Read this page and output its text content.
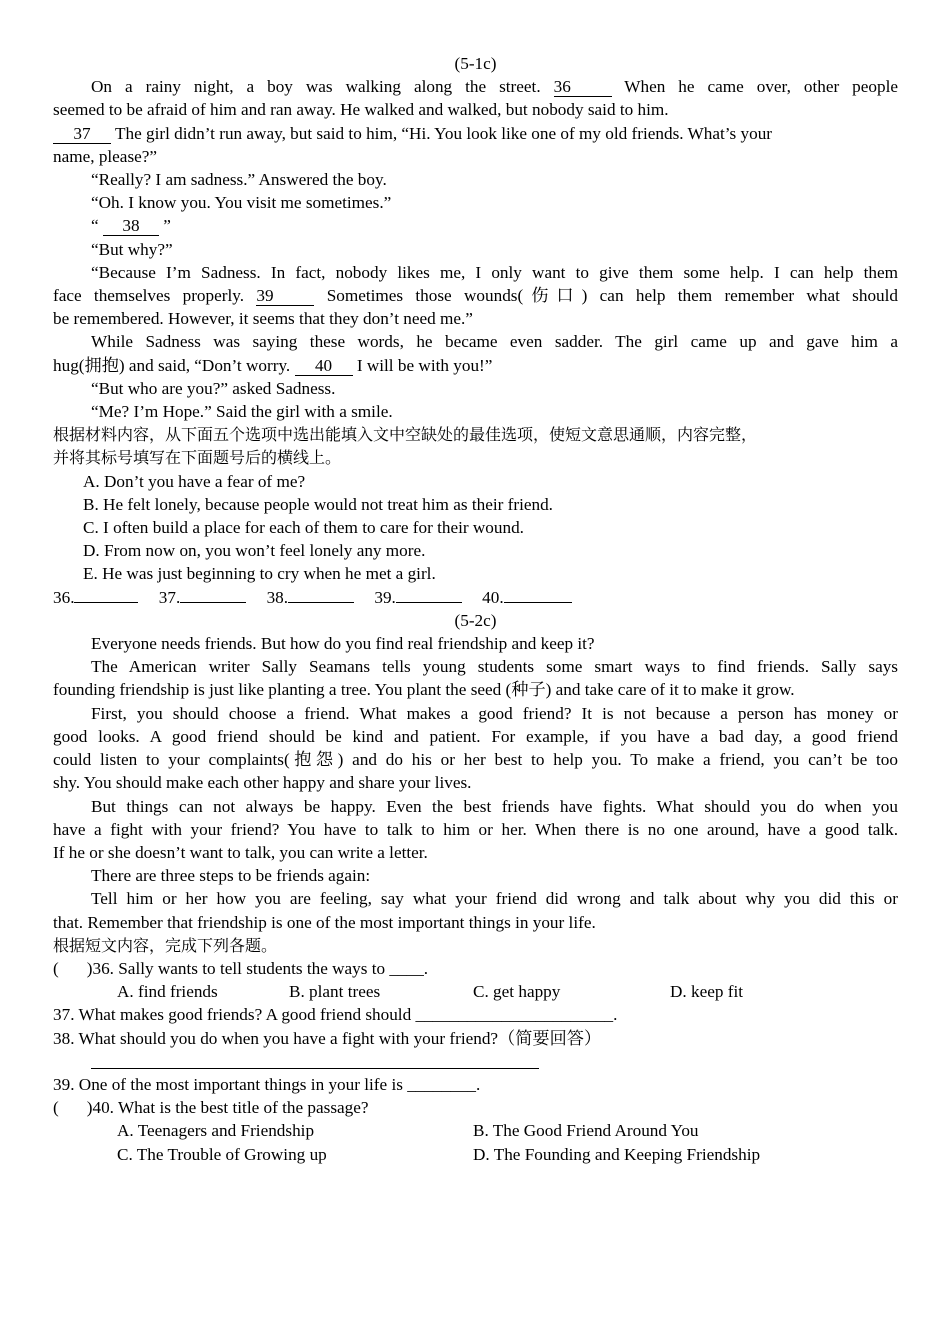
(5-1c)
On a rainy night, a boy was walking along the street. 36	When he came over, other people
seemed to be afraid of him and ran away. He walked and walked, but nobody said to him.
37 The girl didn’t run away, but said to him, “Hi. You look like one of my old friends. What’s your
name, please?”
“Really? I am sadness.” Answered the boy.
“Oh. I know you. You visit me sometimes.”
“ 38 ”
“But why?”
“Because I’m Sadness. In fact, nobody likes me, I only want to give them some help. I can help them
face themselves properly. 39	Sometimes those wounds(伤口) can help them remember what should
be remembered. However, it seems that they don’t need me.”
While Sadness was saying these words, he became even sadder. The girl came up and gave him a
hug(拥抱) and said, “Don’t worry. 40 I will be with you!”
“But who are you?” asked Sadness.
“Me? I’m Hope.” Said the girl with a smile.
根据材料内容，从下面五个选项中选出能填入文中空缺处的最佳选项，使短文意思通顺，内容完整，
并将其标号填写在下面题号后的横线上。
A. Don’t you have a fear of me?
B. He felt lonely, because people would not treat him as their friend.
C. I often build a place for each of them to care for their wound.
D. From now on, you won’t feel lonely any more.
E. He was just beginning to cry when he met a girl.
36.	37.	38.	39.	40.
(5-2c)
Everyone needs friends. But how do you find real friendship and keep it?
The American writer Sally Seamans tells young students some smart ways to find friends. Sally says
founding friendship is just like planting a tree. You plant the seed (种子) and take care of it to make it grow.
First, you should choose a friend. What makes a good friend? It is not because a person has money or
good looks. A good friend should be kind and patient. For example, if you have a bad day, a good friend
could listen to your complaints(抱怨) and do his or her best to help you. To make a friend, you can’t be too
shy. You should make each other happy and share your lives.
But things can not always be happy. Even the best friends have fights. What should you do when you
have a fight with your friend? You have to talk to him or her. When there is no one around, have a good talk.
If he or she doesn’t want to talk, you can write a letter.
There are three steps to be friends again:
Tell him or her how you are feeling, say what your friend did wrong and talk about why you did this or
that. Remember that friendship is one of the most important things in your life.
根据短文内容，完成下列各题。
( )36. Sally wants to tell students the ways to ____.
A. find friends	B. plant trees	C. get happy	D. keep fit
37. What makes good friends? A good friend should _______________________.
38. What should you do when you have a fight with your friend?（简要回答）
39. One of the most important things in your life is ________.
( )40. What is the best title of the passage?
A. Teenagers and Friendship	B. The Good Friend Around You
C. The Trouble of Growing up	D. The Founding and Keeping Friendship
